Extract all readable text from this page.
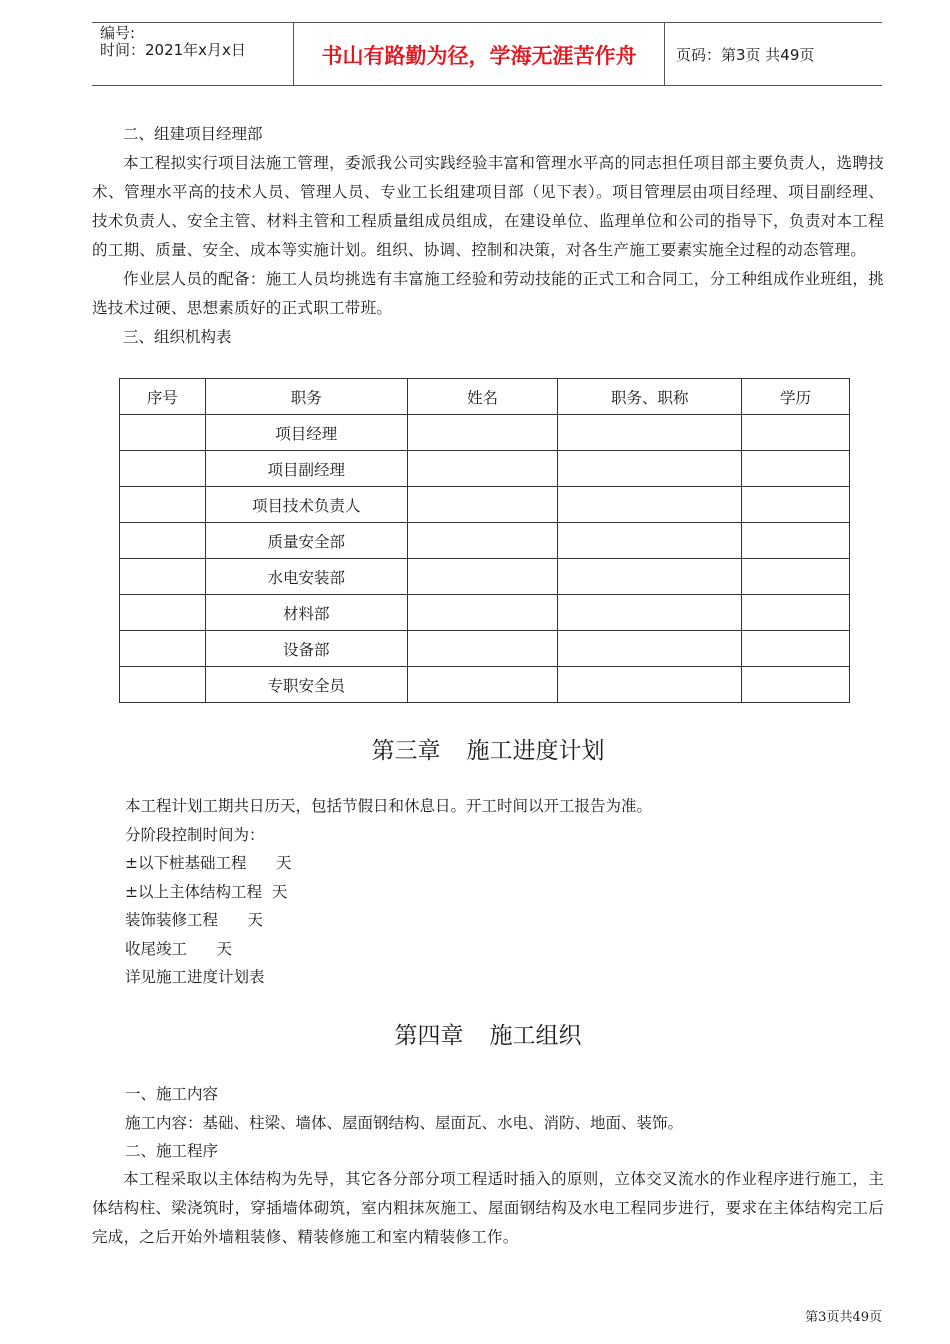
编号:
时间：2021年x月x日	书山有路勤为径，学海无涯苦作舟	页码：第3页 共49页

二、组建项目经理部

本工程拟实行项目法施工管理，委派我公司实践经验丰富和管理水平高的同志担任项目部主要负责人，选聘技术、管理水平高的技术人员、管理人员、专业工长组建项目部（见下表）。项目管理层由项目经理、项目副经理、技术负责人、安全主管、材料主管和工程质量组成员组成，在建设单位、监理单位和公司的指导下，负责对本工程的工期、质量、安全、成本等实施计划。组织、协调、控制和决策，对各生产施工要素实施全过程的动态管理。

作业层人员的配备：施工人员均挑选有丰富施工经验和劳动技能的正式工和合同工，分工种组成作业班组，挑选技术过硬、思想素质好的正式职工带班。

三、组织机构表

序号	职务	姓名	职务、职称	学历
	项目经理			
	项目副经理			
	项目技术负责人			
	质量安全部			
	水电安装部			
	材料部			
	设备部			
	专职安全员			
第三章 施工进度计划
本工程计划工期共日历天，包括节假日和休息日。开工时间以开工报告为准。
分阶段控制时间为：
±以下桩基础工程      天
±以上主体结构工程  天
装饰装修工程      天
收尾竣工      天
详见施工进度计划表
第四章 施工组织
一、施工内容
施工内容：基础、柱梁、墙体、屋面钢结构、屋面瓦、水电、消防、地面、装饰。
二、施工程序

本工程采取以主体结构为先导，其它各分部分项工程适时插入的原则，立体交叉流水的作业程序进行施工，主体结构柱、梁浇筑时，穿插墙体砌筑，室内粗抹灰施工、屋面钢结构及水电工程同步进行，要求在主体结构完工后完成，之后开始外墙粗装修、精装修施工和室内精装修工作。

第3页共49页
